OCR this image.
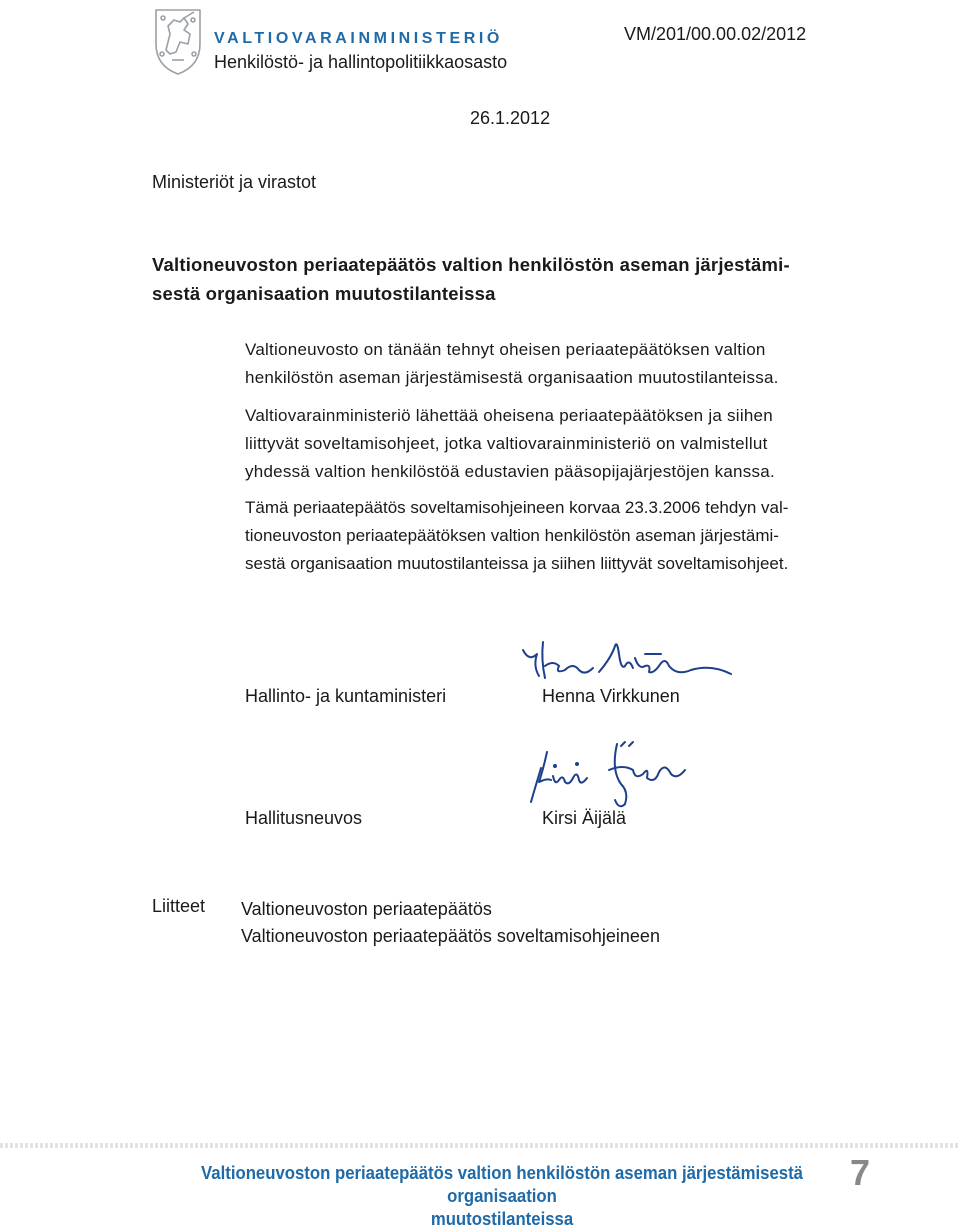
VALTIOVARAINMINISTERIÖ
Henkilöstö- ja hallintopolitiikkaosasto
VM/201/00.00.02/2012
26.1.2012
Ministeriöt ja virastot
Valtioneuvoston periaatepäätös valtion henkilöstön aseman järjestämi-
sestä organisaation muutostilanteissa
Valtioneuvosto on tänään tehnyt oheisen periaatepäätöksen valtion
henkilöstön aseman järjestämisestä organisaation muutostilanteissa.
Valtiovarainministeriö lähettää oheisena periaatepäätöksen ja siihen
liittyvät soveltamisohjeet, jotka valtiovarainministeriö on valmistellut
yhdessä valtion henkilöstöä edustavien pääsopijajärjestöjen kanssa.
Tämä periaatepäätös soveltamisohjeineen korvaa 23.3.2006 tehdyn val-
tioneuvoston periaatepäätöksen valtion henkilöstön aseman järjestämi-
sestä organisaation muutostilanteissa ja siihen liittyvät soveltamisohjeet.
Hallinto- ja kuntaministeri	Henna Virkkunen
Hallitusneuvos	Kirsi Äijälä
Liitteet Valtioneuvoston periaatepäätös
Valtioneuvoston periaatepäätös soveltamisohjeineen
Valtioneuvoston periaatepäätös valtion henkilöstön aseman järjestämisestä organisaation
muutostilanteissa
7
